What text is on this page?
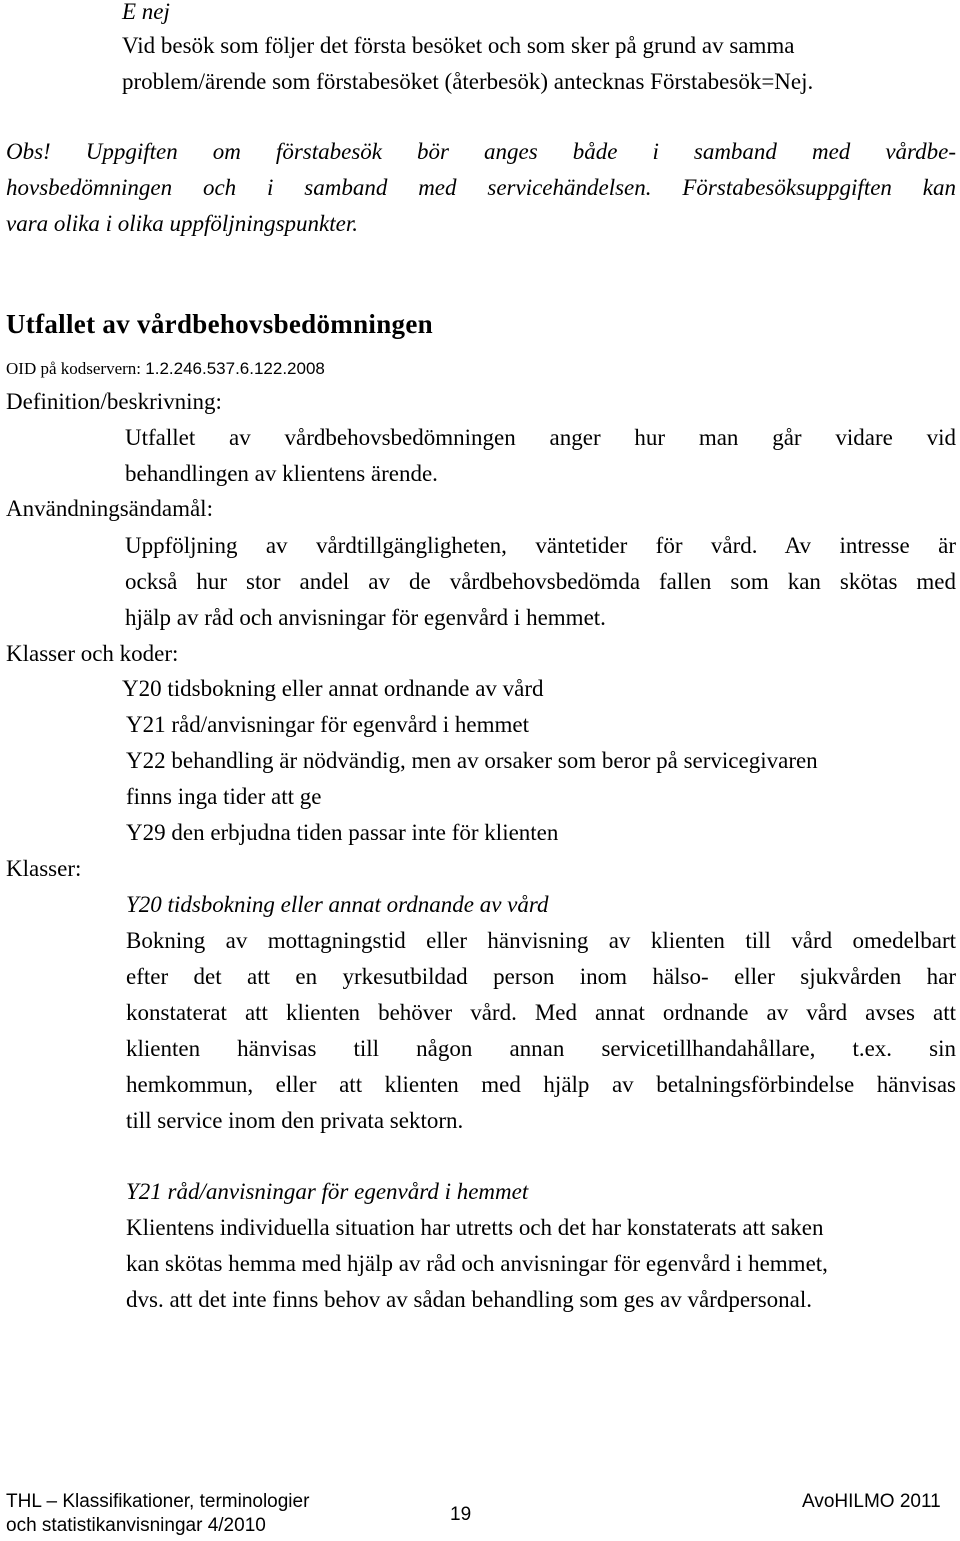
E nej
Vid besök som följer det första besöket och som sker på grund av samma
problem/ärende som förstabesöket (återbesök) antecknas Förstabesök=Nej.
Obs! Uppgiften om förstabesök bör anges både i samband med vårdbe-
hovsbedömningen och i samband med servicehändelsen. Förstabesöksuppgiften kan
vara olika i olika uppföljningspunkter.
Utfallet av vårdbehovsbedömningen
OID på kodservern: 1.2.246.537.6.122.2008
Definition/beskrivning:
Utfallet av vårdbehovsbedömningen anger hur man går vidare vid
behandlingen av klientens ärende.
Användningsändamål:
Uppföljning av vårdtillgängligheten, väntetider för vård. Av intresse är
också hur stor andel av de vårdbehovsbedömda fallen som kan skötas med
hjälp av råd och anvisningar för egenvård i hemmet.
Klasser och koder:
Y20 tidsbokning eller annat ordnande av vård
Y21 råd/anvisningar för egenvård i hemmet
Y22 behandling är nödvändig, men av orsaker som beror på servicegivaren
finns inga tider att ge
Y29 den erbjudna tiden passar inte för klienten
Klasser:
Y20 tidsbokning eller annat ordnande av vård
Bokning av mottagningstid eller hänvisning av klienten till vård omedelbart
efter det att en yrkesutbildad person inom hälso- eller sjukvården har
konstaterat att klienten behöver vård. Med annat ordnande av vård avses att
klienten hänvisas till någon annan servicetillhandahållare, t.ex. sin
hemkommun, eller att klienten med hjälp av betalningsförbindelse hänvisas
till service inom den privata sektorn.
Y21 råd/anvisningar för egenvård i hemmet
Klientens individuella situation har utretts och det har konstaterats att saken
kan skötas hemma med hjälp av råd och anvisningar för egenvård i hemmet,
dvs. att det inte finns behov av sådan behandling som ges av vårdpersonal.
THL – Klassifikationer, terminologier
och statistikanvisningar 4/2010
19
AvoHILMO 2011
